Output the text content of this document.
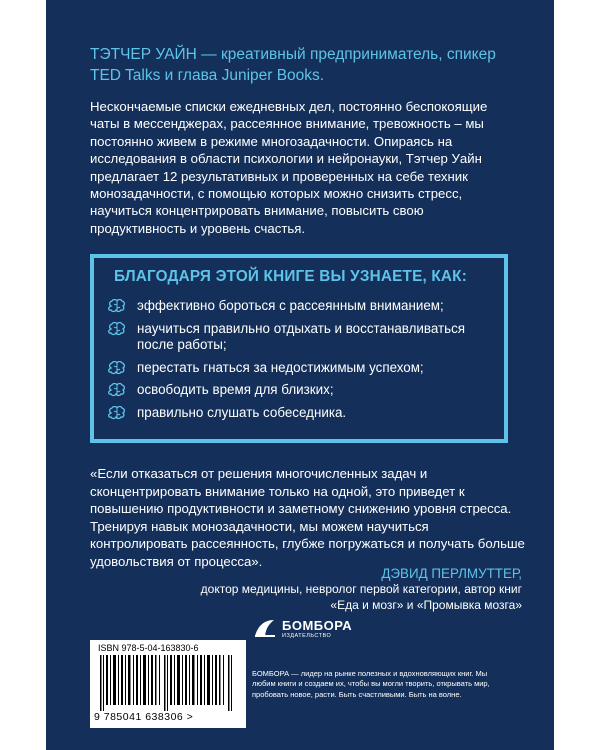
ТЭТЧЕР УАЙН — креативный предприниматель, спикер TED Talks и глава Juniper Books.
Нескончаемые списки ежедневных дел, постоянно беспокоящие чаты в мессенджерах, рассеянное внимание, тревожность – мы постоянно живем в режиме многозадачности. Опираясь на исследования в области психологии и нейронауки, Тэтчер Уайн предлагает 12 результативных и проверенных на себе техник монозадачности, с помощью которых можно снизить стресс, научиться концентрировать внимание, повысить свою продуктивность и уровень счастья.
БЛАГОДАРЯ ЭТОЙ КНИГЕ ВЫ УЗНАЕТЕ, КАК:
эффективно бороться с рассеянным вниманием;
научиться правильно отдыхать и восстанавливаться после работы;
перестать гнаться за недостижимым успехом;
освободить время для близких;
правильно слушать собеседника.
«Если отказаться от решения многочисленных задач и сконцентрировать внимание только на одной, это приведет к повышению продуктивности и заметному снижению уровня стресса. Тренируя навык монозадачности, мы можем научиться контролировать рассеянность, глубже погружаться и получать больше удовольствия от процесса».
ДЭВИД ПЕРЛМУТТЕР,
доктор медицины, невролог первой категории, автор книг «Еда и мозг» и «Промывка мозга»
ISBN 978-5-04-163830-6
9 785041 638306 >
БОМБОРА
ИЗДАТЕЛЬСТВО
БОМБОРА — лидер на рынке полезных и вдохновляющих книг. Мы любим книги и создаем их, чтобы вы могли творить, открывать мир, пробовать новое, расти. Быть счастливыми. Быть на волне.
